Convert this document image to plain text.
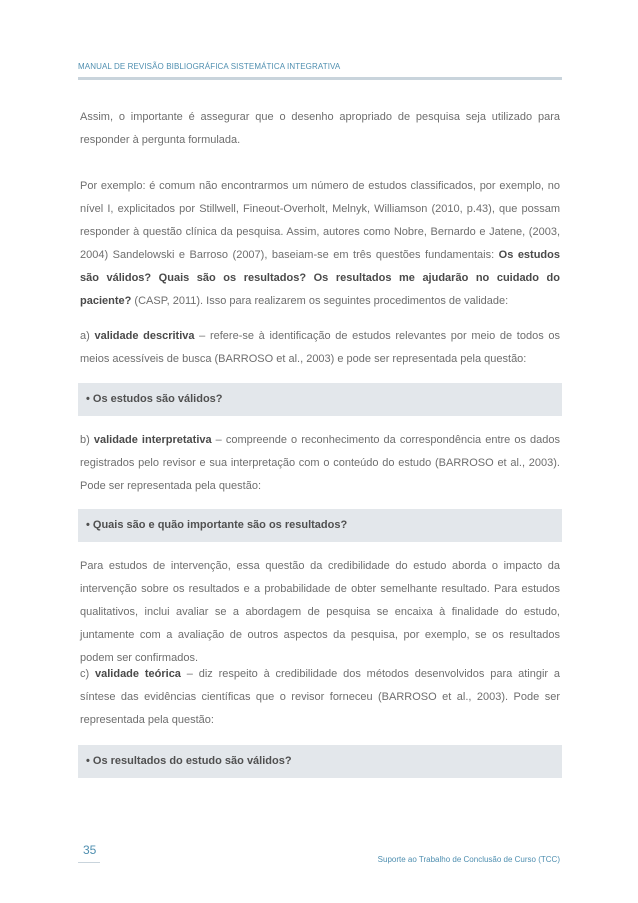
MANUAL DE REVISÃO BIBLIOGRÁFICA SISTEMÁTICA INTEGRATIVA

Assim, o importante é assegurar que o desenho apropriado de pesquisa seja utilizado para responder à pergunta formulada.

Por exemplo: é comum não encontrarmos um número de estudos classificados, por exemplo, no nível I, explicitados por Stillwell, Fineout-Overholt, Melnyk, Williamson (2010, p.43), que possam responder à questão clínica da pesquisa. Assim, autores como Nobre, Bernardo e Jatene, (2003, 2004) Sandelowski e Barroso (2007), baseiam-se em três questões fundamentais: Os estudos são válidos? Quais são os resultados? Os resultados me ajudarão no cuidado do paciente? (CASP, 2011). Isso para realizarem os seguintes procedimentos de validade:

a) validade descritiva – refere-se à identificação de estudos relevantes por meio de todos os meios acessíveis de busca (BARROSO et al., 2003) e pode ser representada pela questão:

• Os estudos são válidos?

b) validade interpretativa – compreende o reconhecimento da correspondência entre os dados registrados pelo revisor e sua interpretação com o conteúdo do estudo (BARROSO et al., 2003). Pode ser representada pela questão:

• Quais são e quão importante são os resultados?

Para estudos de intervenção, essa questão da credibilidade do estudo aborda o impacto da intervenção sobre os resultados e a probabilidade de obter semelhante resultado. Para estudos qualitativos, inclui avaliar se a abordagem de pesquisa se encaixa à finalidade do estudo, juntamente com a avaliação de outros aspectos da pesquisa, por exemplo, se os resultados podem ser confirmados.

c) validade teórica – diz respeito à credibilidade dos métodos desenvolvidos para atingir a síntese das evidências científicas que o revisor forneceu (BARROSO et al., 2003). Pode ser representada pela questão:

• Os resultados do estudo são válidos?
35
Suporte ao Trabalho de Conclusão de Curso (TCC)
